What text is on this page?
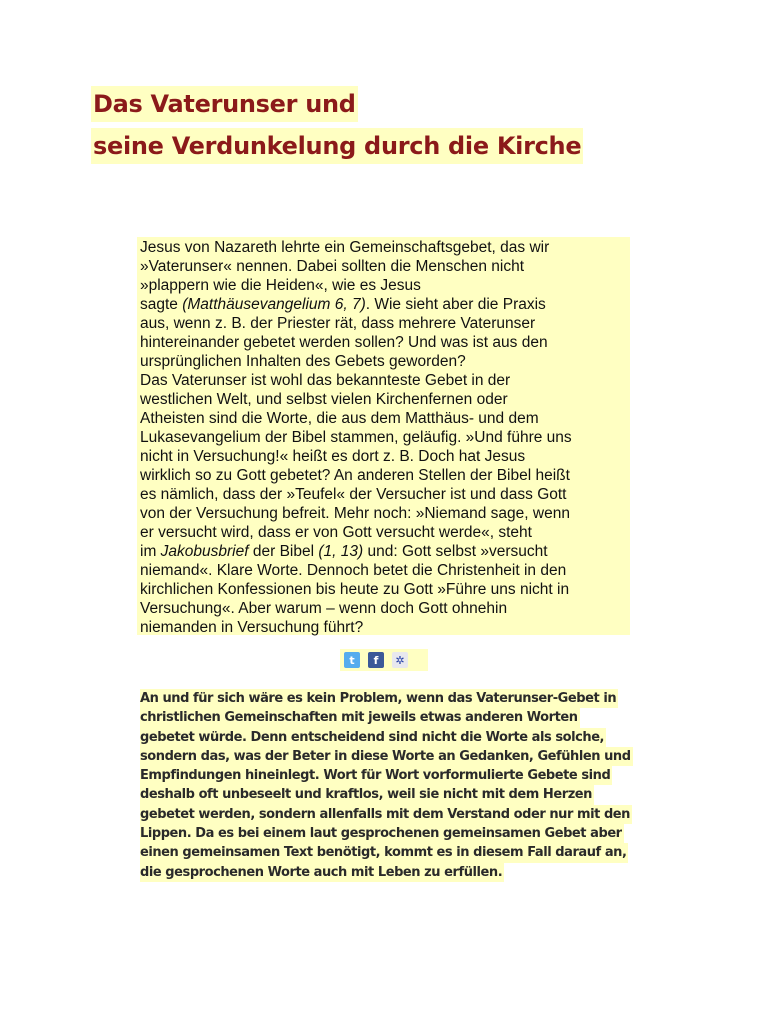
Das Vaterunser und
seine Verdunkelung durch die Kirche
Jesus von Nazareth lehrte ein Gemeinschaftsgebet, das wir
»Vaterunser« nennen. Dabei sollten die Menschen nicht
»plappern wie die Heiden«, wie es Jesus
sagte (Matthäusevangelium 6, 7). Wie sieht aber die Praxis
aus, wenn z. B. der Priester rät, dass mehrere Vaterunser
hintereinander gebetet werden sollen? Und was ist aus den
ursprünglichen Inhalten des Gebets geworden?
Das Vaterunser ist wohl das bekannteste Gebet in der
westlichen Welt, und selbst vielen Kirchenfernen oder
Atheisten sind die Worte, die aus dem Matthäus- und dem
Lukasevangelium der Bibel stammen, geläufig. »Und führe uns
nicht in Versuchung!« heißt es dort z. B. Doch hat Jesus
wirklich so zu Gott gebetet? An anderen Stellen der Bibel heißt
es nämlich, dass der »Teufel« der Versucher ist und dass Gott
von der Versuchung befreit. Mehr noch: »Niemand sage, wenn
er versucht wird, dass er von Gott versucht werde«, steht
im Jakobusbrief der Bibel (1, 13) und: Gott selbst »versucht
niemand«. Klare Worte. Dennoch betet die Christenheit in den
kirchlichen Konfessionen bis heute zu Gott »Führe uns nicht in
Versuchung«. Aber warum – wenn doch Gott ohnehin
niemanden in Versuchung führt?
t	f	✲
An und für sich wäre es kein Problem, wenn das Vaterunser-Gebet in
christlichen Gemeinschaften mit jeweils etwas anderen Worten
gebetet würde. Denn entscheidend sind nicht die Worte als solche,
sondern das, was der Beter in diese Worte an Gedanken, Gefühlen und
Empfindungen hineinlegt. Wort für Wort vorformulierte Gebete sind
deshalb oft unbeseelt und kraftlos, weil sie nicht mit dem Herzen
gebetet werden, sondern allenfalls mit dem Verstand oder nur mit den
Lippen. Da es bei einem laut gesprochenen gemeinsamen Gebet aber
einen gemeinsamen Text benötigt, kommt es in diesem Fall darauf an,
die gesprochenen Worte auch mit Leben zu erfüllen.
